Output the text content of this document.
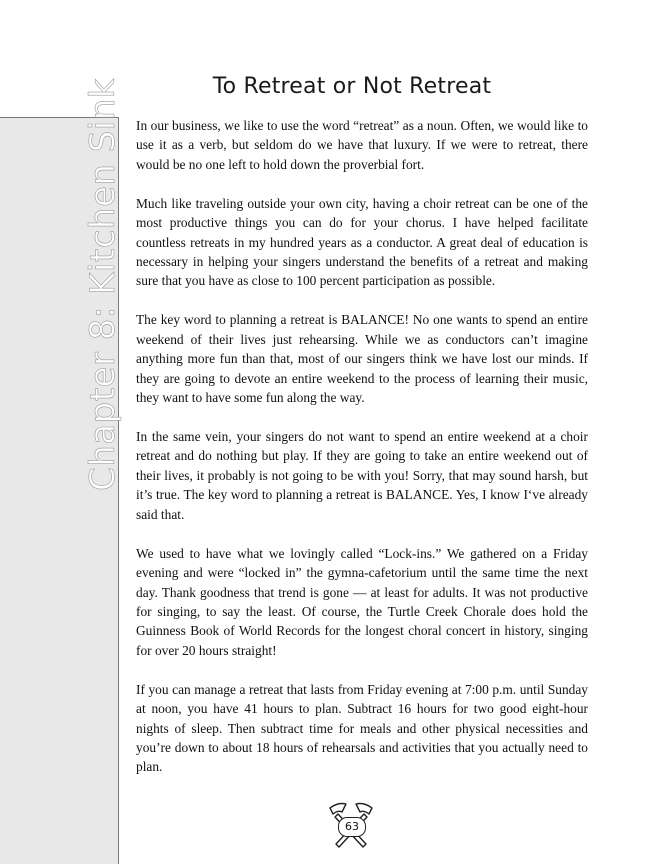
To Retreat or Not Retreat
Chapter 8: Kitchen Sink In our business, we like to use the word “retreat” as a noun. Often, we would like to use it as a verb, but seldom do we have that luxury. If we were to retreat, there would be no one left to hold down the proverbial fort.

Much like traveling outside your own city, having a choir retreat can be one of the most productive things you can do for your chorus. I have helped facilitate countless retreats in my hundred years as a conductor. A great deal of education is necessary in helping your singers understand the benefits of a retreat and making sure that you have as close to 100 percent participation as possible.

The key word to planning a retreat is BALANCE! No one wants to spend an entire weekend of their lives just rehearsing. While we as conductors can’t imagine anything more fun than that, most of our singers think we have lost our minds. If they are going to devote an entire weekend to the process of learning their music, they want to have some fun along the way.

In the same vein, your singers do not want to spend an entire weekend at a choir retreat and do nothing but play. If they are going to take an entire weekend out of their lives, it probably is not going to be with you! Sorry, that may sound harsh, but it’s true. The key word to planning a retreat is BALANCE. Yes, I know I‘ve already said that.

We used to have what we lovingly called “Lock-ins.” We gathered on a Friday evening and were “locked in” the gymna-cafetorium until the same time the next day. Thank goodness that trend is gone — at least for adults. It was not productive for singing, to say the least. Of course, the Turtle Creek Chorale does hold the Guinness Book of World Records for the longest choral concert in history, singing for over 20 hours straight!

If you can manage a retreat that lasts from Friday evening at 7:00 p.m. until Sunday at noon, you have 41 hours to plan. Subtract 16 hours for two good eight-hour nights of sleep. Then subtract time for meals and other physical necessities and you’re down to about 18 hours of rehearsals and activities that you actually need to plan.

63
